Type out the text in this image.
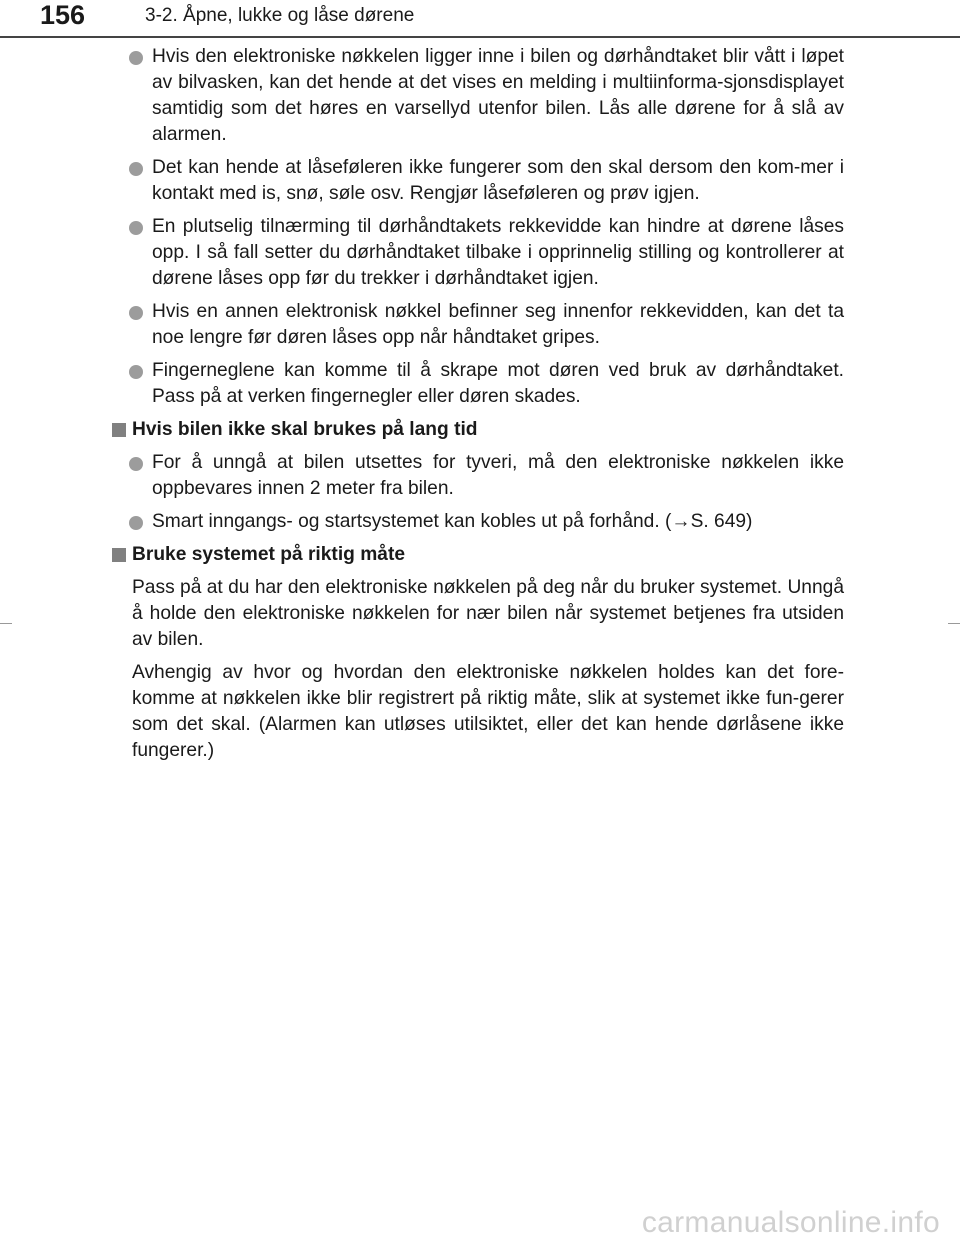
156	3-2. Åpne, lukke og låse dørene
Hvis den elektroniske nøkkelen ligger inne i bilen og dørhåndtaket blir vått i løpet av bilvasken, kan det hende at det vises en melding i multiinforma-sjonsdisplayet samtidig som det høres en varsellyd utenfor bilen. Lås alle dørene for å slå av alarmen.
Det kan hende at låseføleren ikke fungerer som den skal dersom den kom-mer i kontakt med is, snø, søle osv. Rengjør låseføleren og prøv igjen.
En plutselig tilnærming til dørhåndtakets rekkevidde kan hindre at dørene låses opp. I så fall setter du dørhåndtaket tilbake i opprinnelig stilling og kontrollerer at dørene låses opp før du trekker i dørhåndtaket igjen.
Hvis en annen elektronisk nøkkel befinner seg innenfor rekkevidden, kan det ta noe lengre før døren låses opp når håndtaket gripes.
Fingerneglene kan komme til å skrape mot døren ved bruk av dørhåndtaket. Pass på at verken fingernegler eller døren skades.
Hvis bilen ikke skal brukes på lang tid
For å unngå at bilen utsettes for tyveri, må den elektroniske nøkkelen ikke oppbevares innen 2 meter fra bilen.
Smart inngangs- og startsystemet kan kobles ut på forhånd. (→S. 649)
Bruke systemet på riktig måte
Pass på at du har den elektroniske nøkkelen på deg når du bruker systemet. Unngå å holde den elektroniske nøkkelen for nær bilen når systemet betjenes fra utsiden av bilen.
Avhengig av hvor og hvordan den elektroniske nøkkelen holdes kan det fore-komme at nøkkelen ikke blir registrert på riktig måte, slik at systemet ikke fun-gerer som det skal. (Alarmen kan utløses utilsiktet, eller det kan hende dørlåsene ikke fungerer.)
carmanualsonline.info
